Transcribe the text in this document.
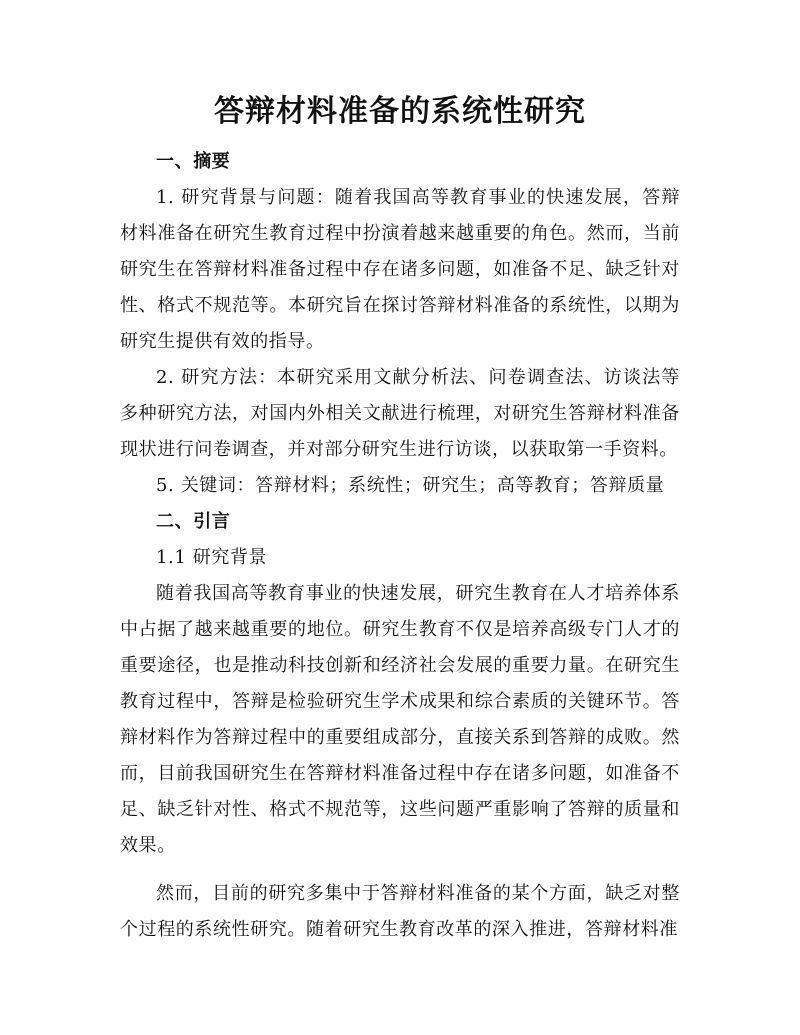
答辩材料准备的系统性研究
一、摘要

1. 研究背景与问题：随着我国高等教育事业的快速发展，答辩材料准备在研究生教育过程中扮演着越来越重要的角色。然而，当前研究生在答辩材料准备过程中存在诸多问题，如准备不足、缺乏针对性、格式不规范等。本研究旨在探讨答辩材料准备的系统性，以期为研究生提供有效的指导。

2. 研究方法：本研究采用文献分析法、问卷调查法、访谈法等多种研究方法，对国内外相关文献进行梳理，对研究生答辩材料准备现状进行问卷调查，并对部分研究生进行访谈，以获取第一手资料。

5. 关键词：答辩材料；系统性；研究生；高等教育；答辩质量

二、引言

1.1 研究背景

随着我国高等教育事业的快速发展，研究生教育在人才培养体系中占据了越来越重要的地位。研究生教育不仅是培养高级专门人才的重要途径，也是推动科技创新和经济社会发展的重要力量。在研究生教育过程中，答辩是检验研究生学术成果和综合素质的关键环节。答辩材料作为答辩过程中的重要组成部分，直接关系到答辩的成败。然而，目前我国研究生在答辩材料准备过程中存在诸多问题，如准备不足、缺乏针对性、格式不规范等，这些问题严重影响了答辩的质量和效果。

然而，目前的研究多集中于答辩材料准备的某个方面，缺乏对整个过程的系统性研究。随着研究生教育改革的深入推进，答辩材料准
